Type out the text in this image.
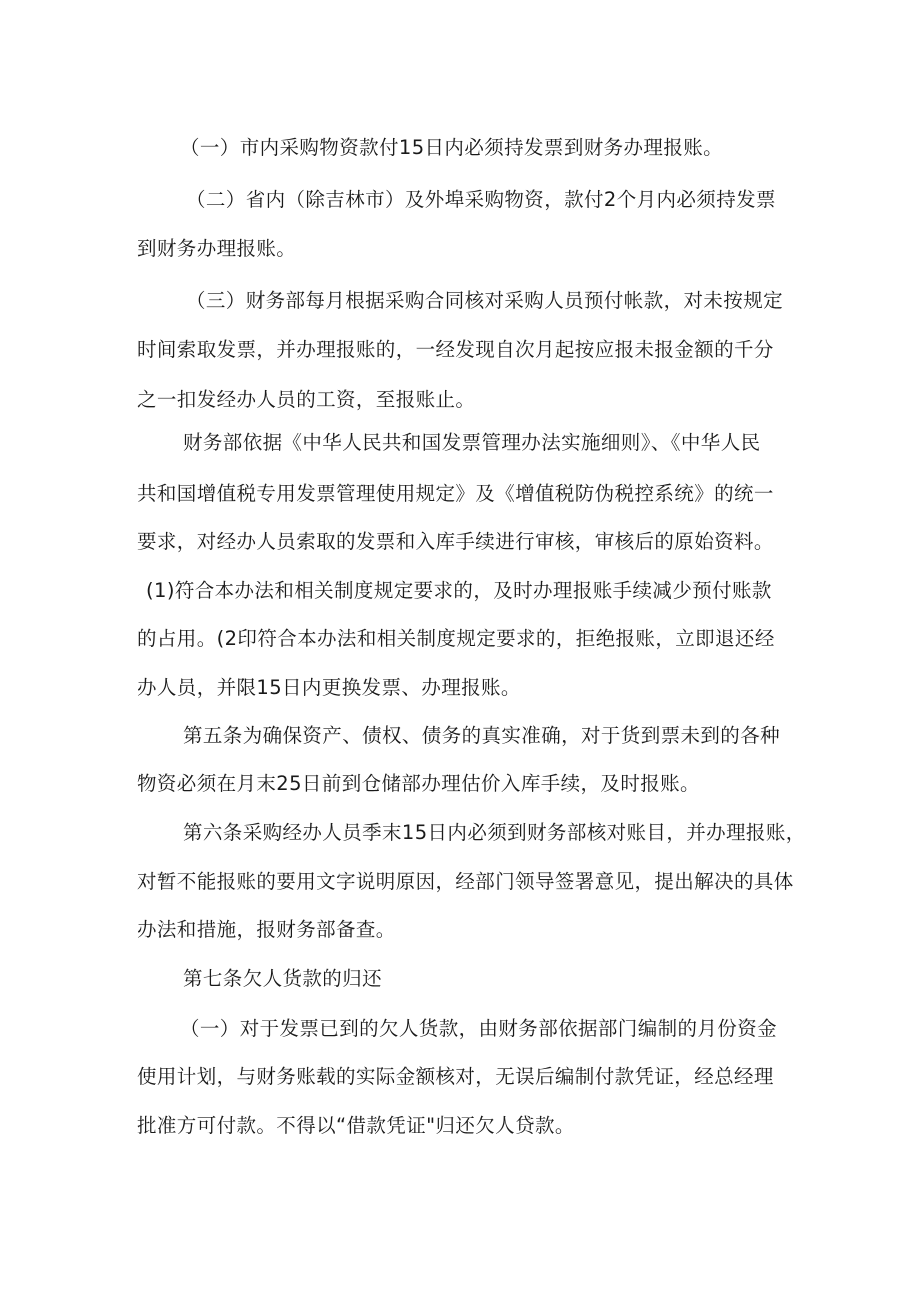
（一）市内采购物资款付15日内必须持发票到财务办理报账。
（二）省内（除吉林市）及外埠采购物资，款付2个月内必须持发票
到财务办理报账。
（三）财务部每月根据采购合同核对采购人员预付帐款，对未按规定
时间索取发票，并办理报账的，一经发现自次月起按应报未报金额的千分
之一扣发经办人员的工资，至报账止。
财务部依据《中华人民共和国发票管理办法实施细则》、《中华人民
共和国增值税专用发票管理使用规定》及《增值税防伪税控系统》的统一
要求，对经办人员索取的发票和入库手续进行审核，审核后的原始资料。
(1)符合本办法和相关制度规定要求的，及时办理报账手续减少预付账款
的占用。(2印符合本办法和相关制度规定要求的，拒绝报账，立即退还经
办人员，并限15日内更换发票、办理报账。
第五条为确保资产、债权、债务的真实准确，对于货到票未到的各种
物资必须在月末25日前到仓储部办理估价入库手续，及时报账。
第六条采购经办人员季末15日内必须到财务部核对账目，并办理报账，
对暂不能报账的要用文字说明原因，经部门领导签署意见，提出解决的具体
办法和措施，报财务部备查。
第七条欠人货款的归还
（一）对于发票已到的欠人货款，由财务部依据部门编制的月份资金
使用计划，与财务账载的实际金额核对，无误后编制付款凭证，经总经理
批准方可付款。不得以“借款凭证"归还欠人贷款。
